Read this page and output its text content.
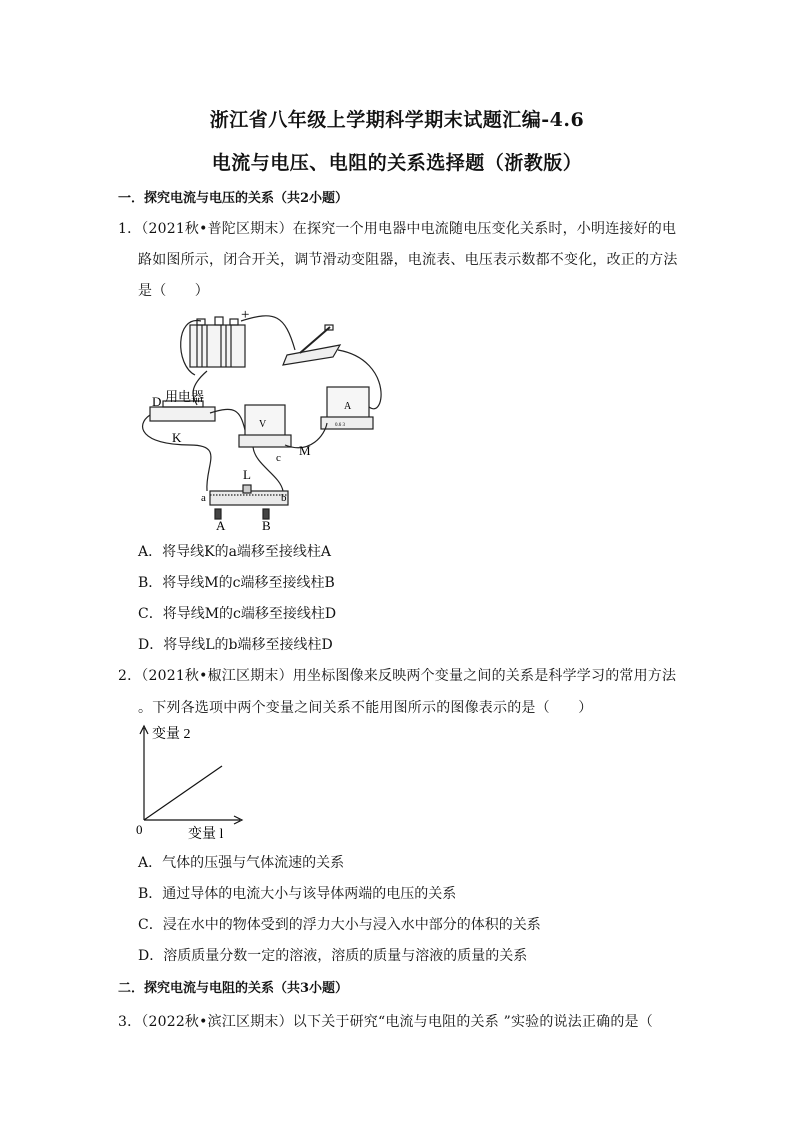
浙江省八年级上学期科学期末试题汇编-4.6
电流与电压、电阻的关系选择题（浙教版）
一．探究电流与电压的关系（共2小题）
1．（2021秋•普陀区期末）在探究一个用电器中电流随电压变化关系时，小明连接好的电
路如图所示，闭合开关，调节滑动变阻器，电流表、电压表示数都不变化，改正的方法
是（　　）
+
D 用电器
K
V
A
0.6 3
M
c
L
a	b
A	B
A．将导线K的a端移至接线柱A
B．将导线M的c端移至接线柱B
C．将导线M的c端移至接线柱D
D．将导线L的b端移至接线柱D
2．（2021秋•椒江区期末）用坐标图像来反映两个变量之间的关系是科学学习的常用方法
。下列各选项中两个变量之间关系不能用图所示的图像表示的是（　　）
变量 2
变量 l
0
A．气体的压强与气体流速的关系
B．通过导体的电流大小与该导体两端的电压的关系
C．浸在水中的物体受到的浮力大小与浸入水中部分的体积的关系
D．溶质质量分数一定的溶液，溶质的质量与溶液的质量的关系
二．探究电流与电阻的关系（共3小题）
3．（2022秋•滨江区期末）以下关于研究“电流与电阻的关系 ”实验的说法正确的是（
